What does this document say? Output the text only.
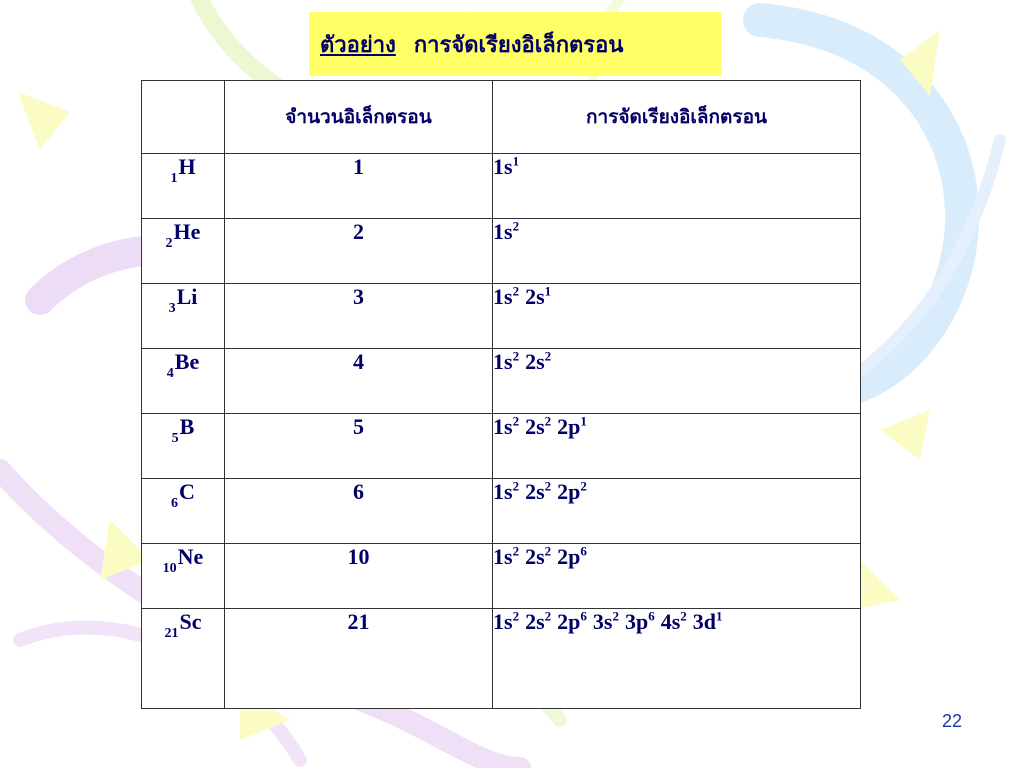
ตัวอย่าง การจัดเรียงอิเล็กตรอน
	จำนวนอิเล็กตรอน	การจัดเรียงอิเล็กตรอน
$_1$H	1	$1s^1$
$_2$He	2	$1s^2$
$_3$Li	3	$1s^2$ $2s^1$
$_4$Be	4	$1s^2$ $2s^2$
$_5$B	5	$1s^2$ $2s^2$ $2p^1$
$_6$C	6	$1s^2$ $2s^2$ $2p^2$
$_{10}$Ne	10	$1s^2$ $2s^2$ $2p^6$
$_{21}$Sc	21	$1s^2$ $2s^2$ $2p^6$ $3s^2$ $3p^6$ $4s^2$ $3d^1$
22
